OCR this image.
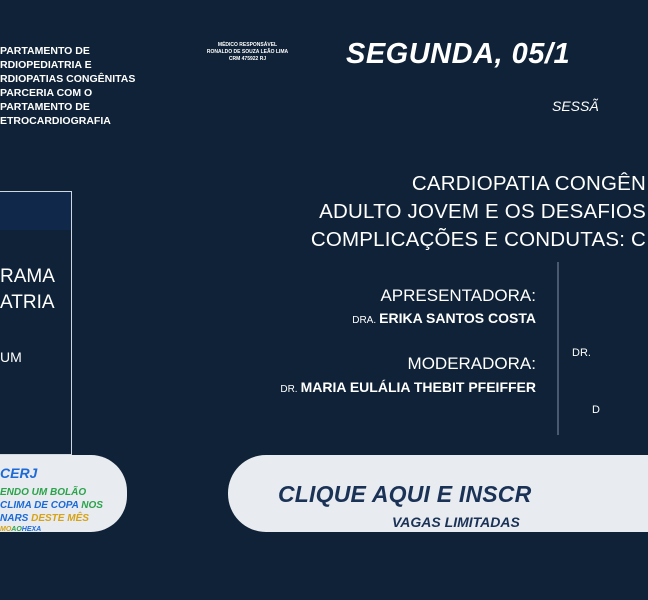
PARTAMENTO DE
RDIOPEDIATRIA E
RDIOPATIAS CONGÊNITAS
PARCERIA COM O
PARTAMENTO DE
ETROCARDIOGRAFIA
MÉDICO RESPONSÁVEL
RONALDO DE SOUZA LEÃO LIMA
CRM 475922 RJ	SEGUNDA, 05/1
SESSÃ
CARDIOPATIA CONGÊN
ADULTO JOVEM E OS DESAFIOS
COMPLICAÇÕES E CONDUTAS: C
RAMA
ATRIA
UM
APRESENTADORA:
DRA. ERIKA SANTOS COSTA
MODERADORA:
DR. MARIA EULÁLIA THEBIT PFEIFFER
DR.
D
CERJ
ENDO UM BOLÃO
CLIMA DE COPA NOS
NARS DESTE MÊS
MOAOHEXA
CLIQUE AQUI E INSCR
VAGAS LIMITADAS
